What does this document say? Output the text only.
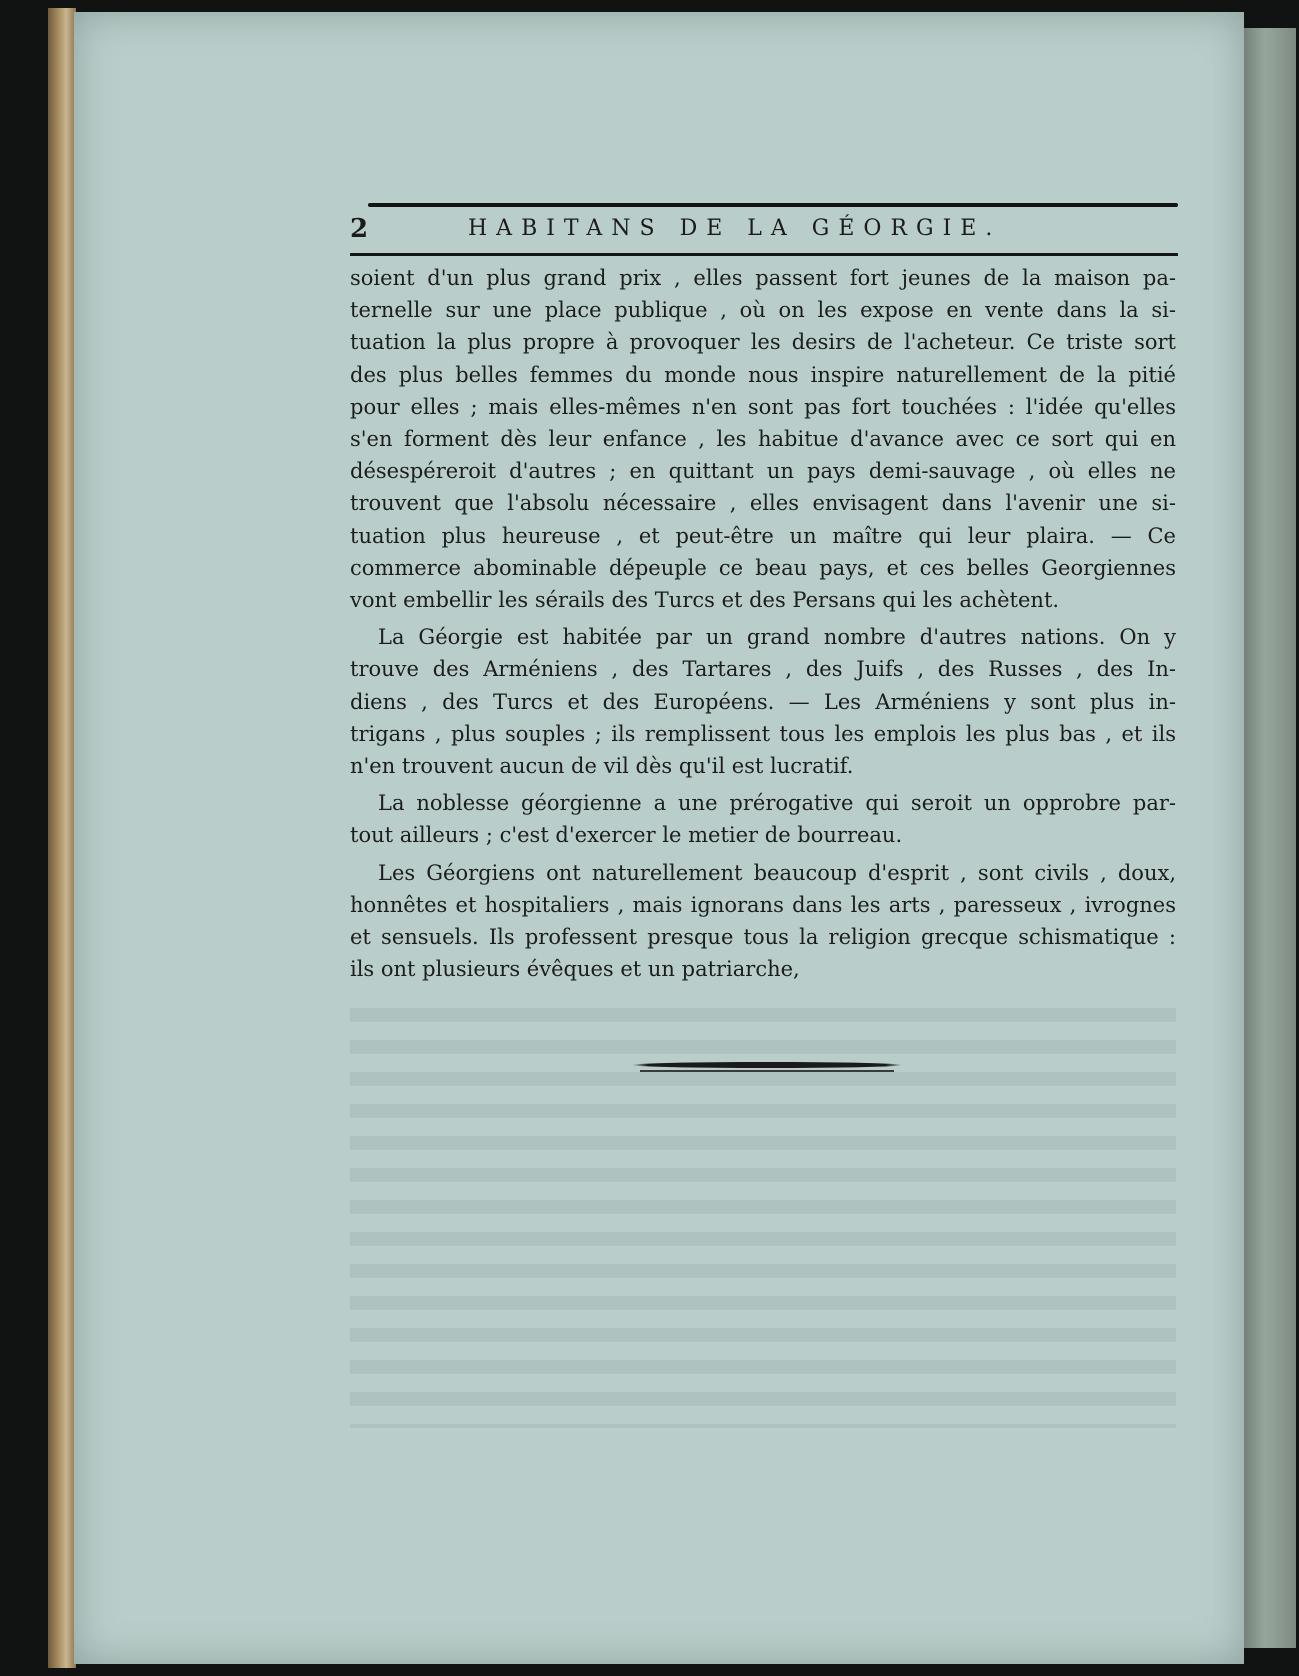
2	HABITANS DE LA GÉORGIE.

soient d'un plus grand prix , elles passent fort jeunes de la maison pa-
ternelle sur une place publique , où on les expose en vente dans la si-
tuation la plus propre à provoquer les desirs de l'acheteur. Ce triste sort
des plus belles femmes du monde nous inspire naturellement de la pitié
pour elles ; mais elles-mêmes n'en sont pas fort touchées : l'idée qu'elles
s'en forment dès leur enfance , les habitue d'avance avec ce sort qui en
désespéreroit d'autres ; en quittant un pays demi-sauvage , où elles ne
trouvent que l'absolu nécessaire , elles envisagent dans l'avenir une si-
tuation plus heureuse , et peut-être un maître qui leur plaira. — Ce
commerce abominable dépeuple ce beau pays, et ces belles Georgiennes
vont embellir les sérails des Turcs et des Persans qui les achètent.

La Géorgie est habitée par un grand nombre d'autres nations. On y
trouve des Arméniens , des Tartares , des Juifs , des Russes , des In-
diens , des Turcs et des Européens. — Les Arméniens y sont plus in-
trigans , plus souples ; ils remplissent tous les emplois les plus bas , et ils
n'en trouvent aucun de vil dès qu'il est lucratif.

La noblesse géorgienne a une prérogative qui seroit un opprobre par-
tout ailleurs ; c'est d'exercer le metier de bourreau.

Les Géorgiens ont naturellement beaucoup d'esprit , sont civils , doux,
honnêtes et hospitaliers , mais ignorans dans les arts , paresseux , ivrognes
et sensuels. Ils professent presque tous la religion grecque schismatique :
ils ont plusieurs évêques et un patriarche,
